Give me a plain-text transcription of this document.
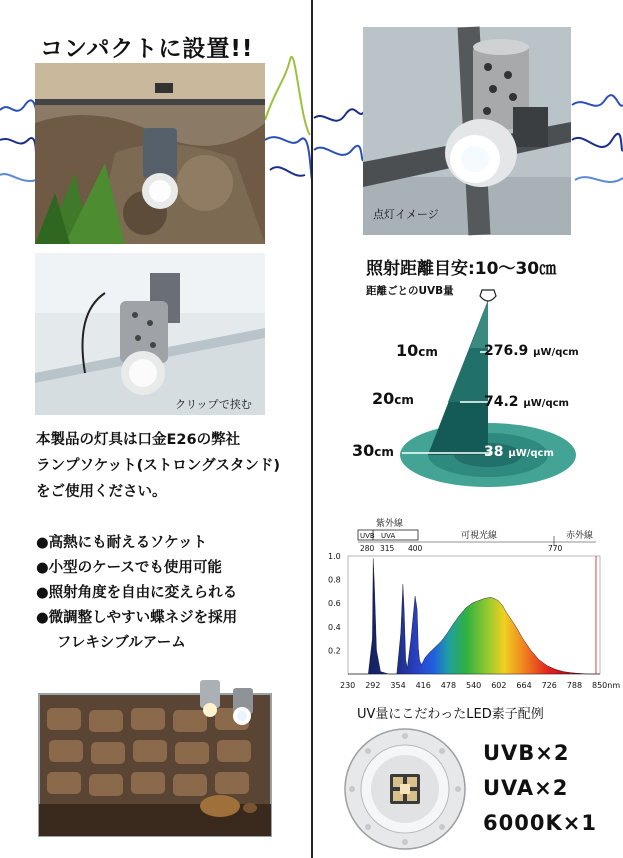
コンパクトに設置!!
クリップで挟む
本製品の灯具は口金E26の弊社
ランプソケット(ストロングスタンド)
をご使用ください。
●高熱にも耐えるソケット
●小型のケースでも使用可能
●照射角度を自由に変えられる
●微調整しやすい蝶ネジを採用
フレキシブルアーム
点灯イメージ
照射距離目安:10〜30㎝
距離ごとのUVB量
10cm
20cm
30cm
276.9 μW/qcm
74.2 μW/qcm
38 μW/qcm
紫外線
可視光線	赤外線
UVB UVA
280 315 400	770
1.0
0.8
0.6
0.4
0.2
230 292 354 416 478 540 602 664 726 788 850nm
UV量にこだわったLED素子配例
UVB×2
UVA×2
6000K×1
